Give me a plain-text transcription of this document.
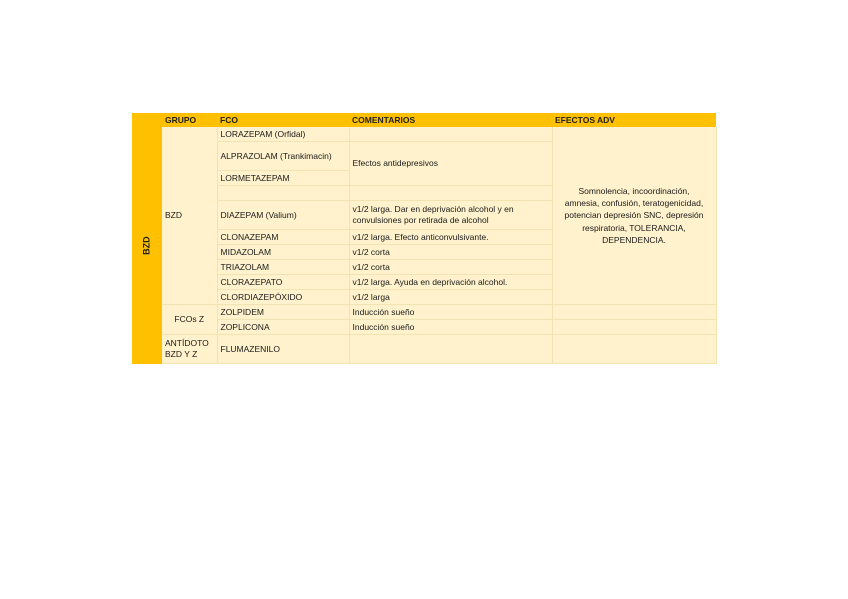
	GRUPO	FCO	COMENTARIOS	EFECTOS ADV
BZD	BZD	LORAZEPAM (Orfidal)		Somnolencia, incoordinación, amnesia, confusión, teratogenicidad, potencian depresión SNC, depresión respiratoria, TOLERANCIA, DEPENDENCIA.
		ALPRAZOLAM (Trankimacin)	Efectos antidepresivos	
		LORMETAZEPAM		

		DIAZEPAM (Valium)	v1/2 larga. Dar en deprivación alcohol y en convulsiones por retirada de alcohol	
		CLONAZEPAM	v1/2 larga. Efecto anticonvulsivante.	
		MIDAZOLAM	v1/2 corta	
		TRIAZOLAM	v1/2 corta	
		CLORAZEPATO	v1/2 larga. Ayuda en deprivación alcohol.	
		CLORDIAZEPÓXIDO	v1/2 larga	
	FCOs Z	ZOLPIDEM	Inducción sueño	
		ZOPLICONA	Inducción sueño	
	ANTÍDOTO BZD Y Z	FLUMAZENILO		
